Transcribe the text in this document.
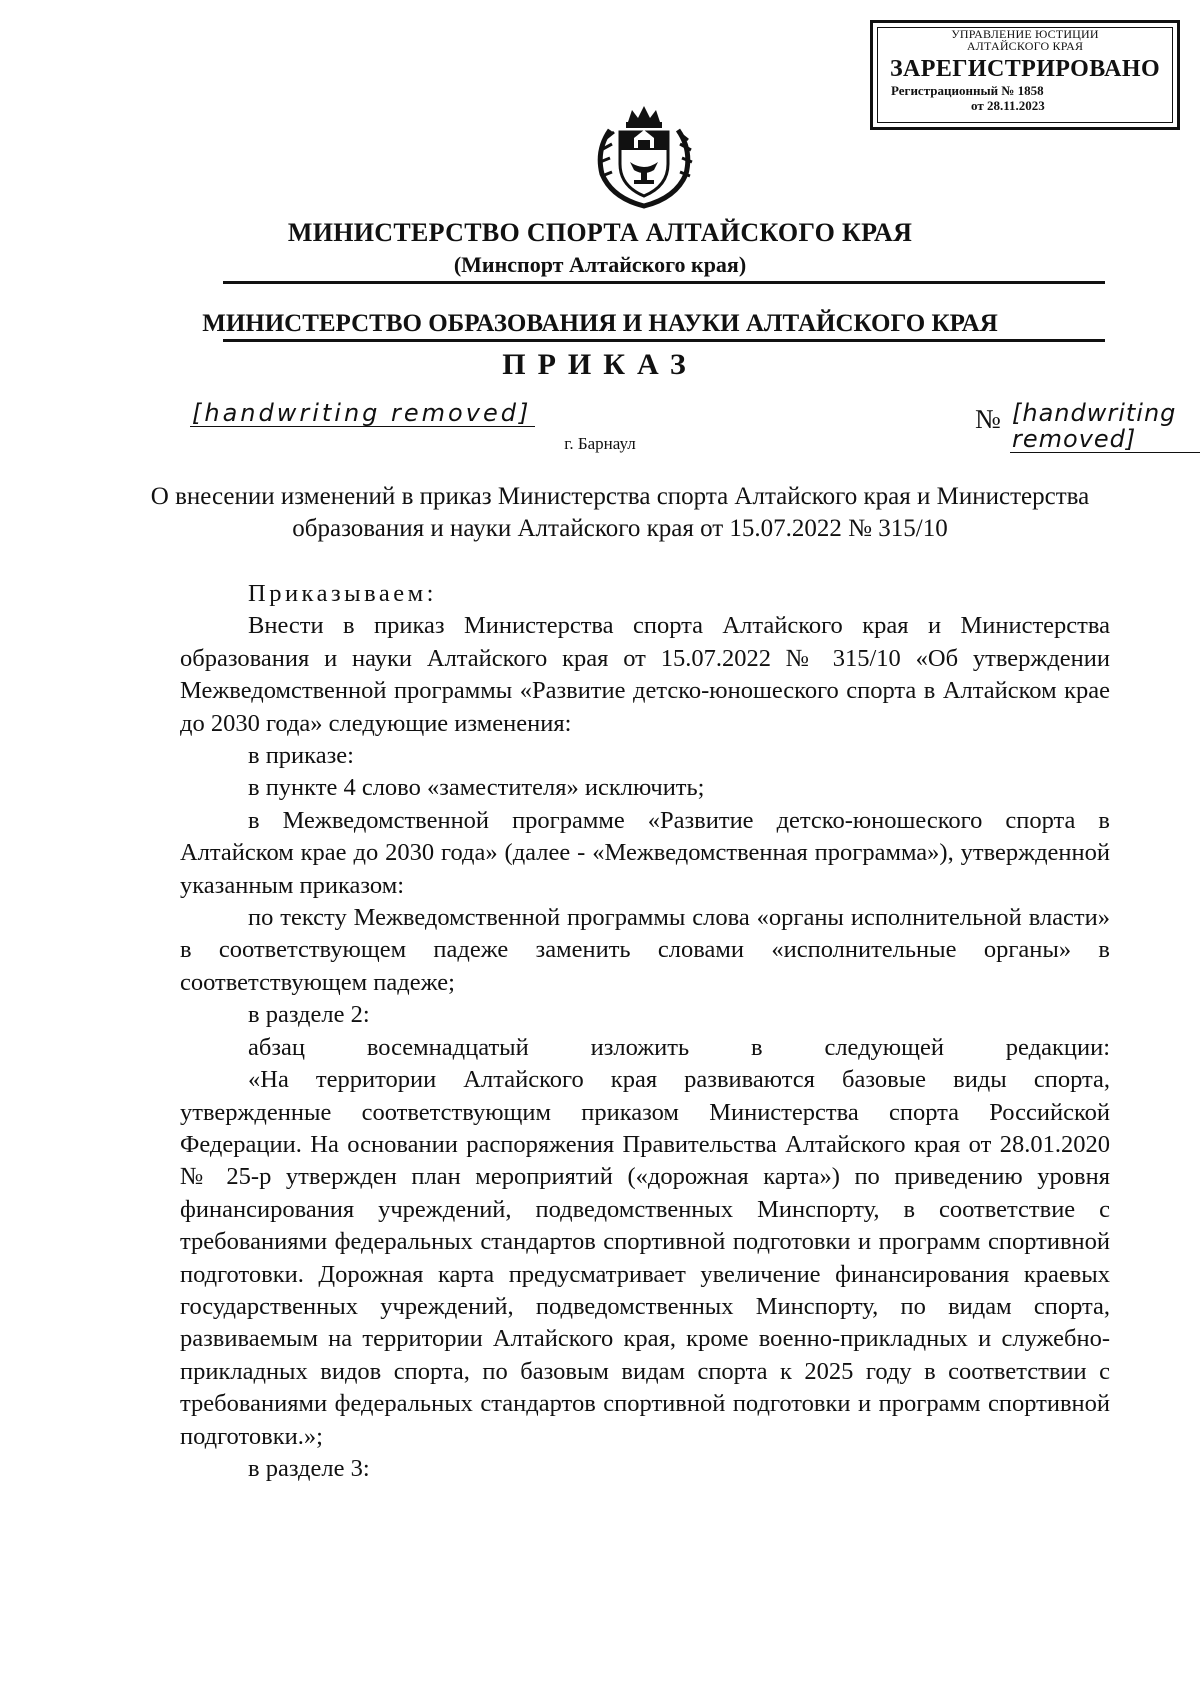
УПРАВЛЕНИЕ ЮСТИЦИИ
АЛТАЙСКОГО КРАЯ
ЗАРЕГИСТРИРОВАНО
Регистрационный № 1858
от 28.11.2023
МИНИСТЕРСТВО СПОРТА АЛТАЙСКОГО КРАЯ
(Минспорт Алтайского края)
МИНИСТЕРСТВО ОБРАЗОВАНИЯ И НАУКИ АЛТАЙСКОГО КРАЯ
ПРИКАЗ
[handwriting removed]	№ [handwriting removed]
г. Барнаул
О внесении изменений в приказ Министерства спорта Алтайского края и Министерства образования и науки Алтайского края от 15.07.2022 № 315/10

Приказываем:

Внести в приказ Министерства спорта Алтайского края и Министерства образования и науки Алтайского края от 15.07.2022 № 315/10 «Об утверждении Межведомственной программы «Развитие детско-юношеского спорта в Алтайском крае до 2030 года» следующие изменения:

в приказе:

в пункте 4 слово «заместителя» исключить;

в Межведомственной программе «Развитие детско-юношеского спорта в Алтайском крае до 2030 года» (далее - «Межведомственная программа»), утвержденной указанным приказом:

по тексту Межведомственной программы слова «органы исполнительной власти» в соответствующем падеже заменить словами «исполнительные органы» в соответствующем падеже;

в разделе 2:

абзац восемнадцатый изложить в следующей редакции:

«На территории Алтайского края развиваются базовые виды спорта, утвержденные соответствующим приказом Министерства спорта Российской Федерации. На основании распоряжения Правительства Алтайского края от 28.01.2020 № 25-р утвержден план мероприятий («дорожная карта») по приведению уровня финансирования учреждений, подведомственных Минспорту, в соответствие с требованиями федеральных стандартов спортивной подготовки и программ спортивной подготовки. Дорожная карта предусматривает увеличение финансирования краевых государственных учреждений, подведомственных Минспорту, по видам спорта, развиваемым на территории Алтайского края, кроме военно-прикладных и служебно-прикладных видов спорта, по базовым видам спорта к 2025 году в соответствии с требованиями федеральных стандартов спортивной подготовки и программ спортивной подготовки.»;

в разделе 3:
